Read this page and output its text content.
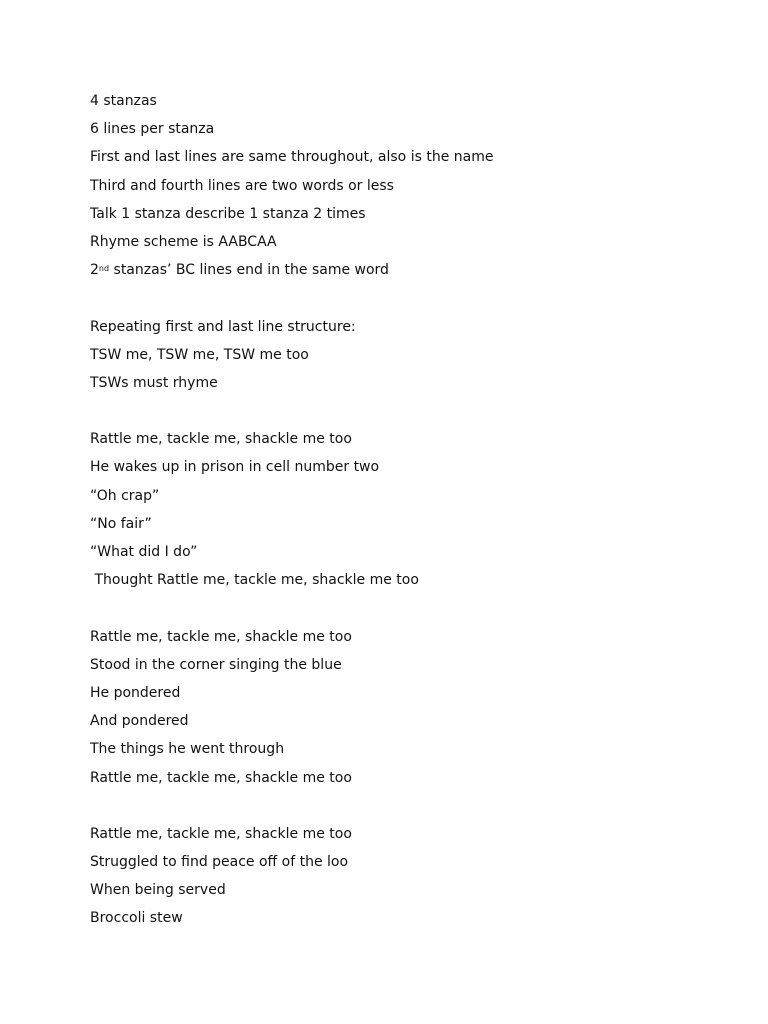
4 stanzas
6 lines per stanza
First and last lines are same throughout, also is the name
Third and fourth lines are two words or less
Talk 1 stanza describe 1 stanza 2 times
Rhyme scheme is AABCAA
2nd stanzas’ BC lines end in the same word
Repeating first and last line structure:
TSW me, TSW me, TSW me too
TSWs must rhyme
Rattle me, tackle me, shackle me too
He wakes up in prison in cell number two
“Oh crap”
“No fair”
“What did I do”
Thought Rattle me, tackle me, shackle me too
Rattle me, tackle me, shackle me too
Stood in the corner singing the blue
He pondered
And pondered
The things he went through
Rattle me, tackle me, shackle me too
Rattle me, tackle me, shackle me too
Struggled to find peace off of the loo
When being served
Broccoli stew
